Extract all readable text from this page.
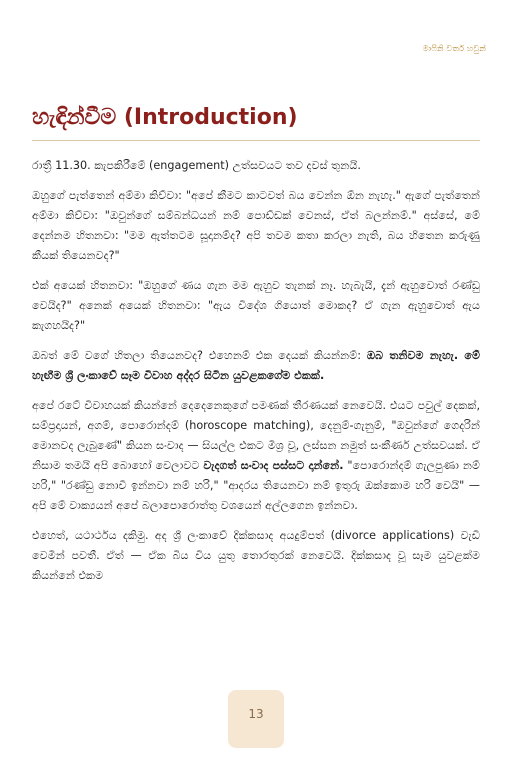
මාෆිනි වතර් හවුන්
හැඳින්වීම (Introduction)

රාත්‍රී 11.30. කැපකිරීමේ (engagement) උත්සවයට තව දවස් තුනයි.

ඔහුගේ පැත්තෙන් අම්මා කිව්වා: "අපේ කීමට කාටවත් බය වෙන්න ඕන නැහැ." ඇගේ පැත්තෙන් අම්මා කිව්වා: "ඔවුන්ගේ සම්බන්ධයන් නම් පොඩ්ඩක් වෙනස්, ඒත් බලන්නම්." අස්සේ, මේ දෙන්නම හිතනවා: "මම ඇත්තටම සූදානම්ද? අපි තවම කතා කරලා නැති, බය හිතෙන කරුණු කීයක් තියෙනවද?"

එක් අයෙක් හිතනවා: "ඔහුගේ ණය ගැන මම ඇහුව තැනක් නෑ. හැබැයි, දැන් ඇහුවොත් රණ්ඩු වෙයිද?" අනෙක් අයෙක් හිතනවා: "ඇය විදේශ ගියොත් මොකද? ඒ ගැන ඇහුවොත් ඇය කැගහයිද?"

ඔබත් මේ වගේ හිතලා තියෙනවද? එහෙනම් එක දෙයක් කියන්නම්: ඔබ තනිවම නැහැ. මේ හැඟීම ශ්‍රී ලංකාවේ සෑම විවාහ අද්දර සිටින යුවළකගේම එකක්.

අපේ රටේ විවාහයක් කියන්නේ දෙදෙනෙකුගේ පමණක් තීරණයක් නෙවෙයි. එයට පවුල් දෙකක්, සම්ප්‍රදායන්, අගම්, පොරොන්දම් (horoscope matching), දෙනුම්-ගැනුම්, "ඔවුන්ගේ ගෙදරින් මොනවද ලැබුණේ" කියන සංවාද — සියල්ල එකට මිශ්‍ර වූ, ලස්සන නමුත් සංකීර්ණ උත්සවයක්. ඒ නිසාම තමයි අපි බොහෝ වෙලාවට වැදගත් සංවාද පස්සට දාන්නේ. "පොරොන්දම් ගැලපුණා නම් හරි," "රණ්ඩු නොවී ඉන්නවා නම් හරි," "ආදරය තියෙනවා නම් ඉතුරු ඔක්කොම හරි වෙයි" — අපි මේ වාක්‍යයන් අපේ බලාපොරොත්තු වශයෙන් අල්ලගෙන ඉන්නවා.

එහෙත්, යථාර්ථය දකිමු. අද ශ්‍රී ලංකාවේ දික්කසාද අයදුම්පත් (divorce applications) වැඩි වෙමින් පවතී. ඒත් — ඒක බිය විය යුතු තොරතුරක් නෙවෙයි. දික්කසාද වූ සෑම යුවළක්ම කියන්නේ එකම

13
